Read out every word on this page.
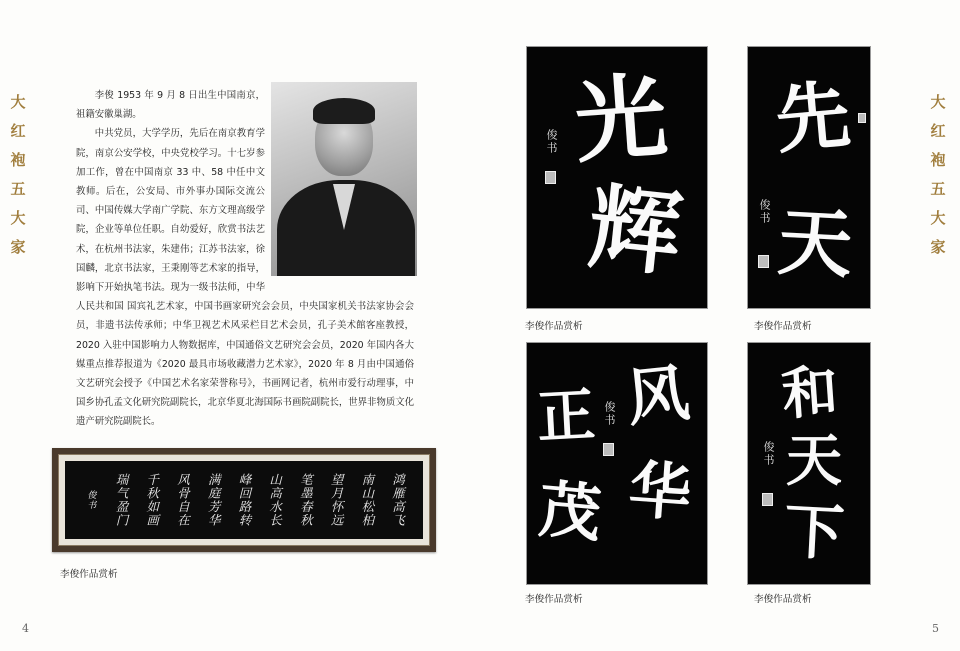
大红袍五大家

李俊 1953 年 9 月 8 日出生中国南京，祖籍安徽巢湖。

中共党员，大学学历，先后在南京教育学院，南京公安学校，中央党校学习。十七岁参加工作，曾在中国南京 33 中、58 中任中文教师。后在，公安局、市外事办国际交流公司、中国传媒大学南广学院、东方文理高级学院，企业等单位任职。自幼爱好，欣赏书法艺术，在杭州书法家，朱建伟；江苏书法家，徐国麟，北京书法家，王秉刚等艺术家的指导，影响下开始执笔书法。现为一级书法师，中华人民共和国 国宾礼艺术家，中国书画家研究会会员，中央国家机关书法家协会会员，非遗书法传承师；中华卫视艺术风采栏目艺术会员，孔子美术館客座教授，2020 入驻中国影响力人物数据库，中国通俗文艺研究会会员，2020 年国内各大媒重点推荐报道为《2020 最具市场收藏潜力艺术家》，2020 年 8 月由中国通俗文艺研究会授予《中国艺术名家荣誉称号》，书画网记者，杭州市爱行动理事，中国乡协孔孟文化研究院副院长，北京华夏北海国际书画院副院长，世界非物质文化遗产研究院副院长。

鸿雁高飞
南山松柏
望月怀远
笔墨春秋
山高水长
峰回路转
满庭芳华
风骨自在
千秋如画
瑞气盈门
俊书
李俊作品赏析
4
大红袍五大家
光
辉
俊书
李俊作品赏析
先
天
俊书
李俊作品赏析
风
华
正
茂
俊书
李俊作品赏析
和
天
下
俊书
李俊作品赏析
5
